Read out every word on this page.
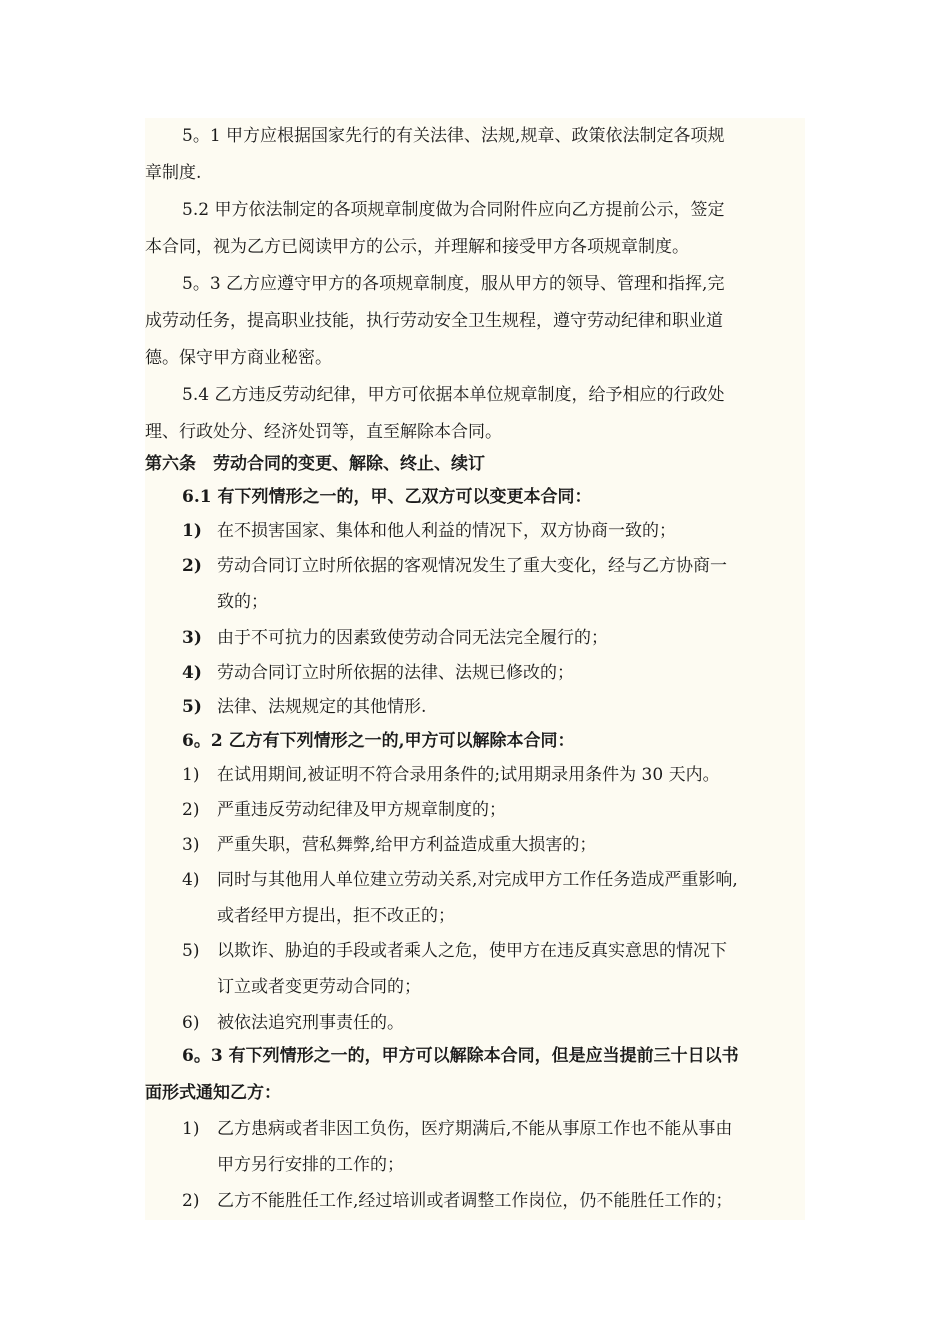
5。1 甲方应根据国家先行的有关法律、法规,规章、政策依法制定各项规
章制度.
5.2 甲方依法制定的各项规章制度做为合同附件应向乙方提前公示，签定
本合同，视为乙方已阅读甲方的公示，并理解和接受甲方各项规章制度。
5。3 乙方应遵守甲方的各项规章制度，服从甲方的领导、管理和指挥,完
成劳动任务，提高职业技能，执行劳动安全卫生规程，遵守劳动纪律和职业道
德。保守甲方商业秘密。
5.4 乙方违反劳动纪律，甲方可依据本单位规章制度，给予相应的行政处
理、行政处分、经济处罚等，直至解除本合同。
第六条　劳动合同的变更、解除、终止、续订
6.1 有下列情形之一的，甲、乙双方可以变更本合同：
1) 在不损害国家、集体和他人利益的情况下，双方协商一致的；
2) 劳动合同订立时所依据的客观情况发生了重大变化，经与乙方协商一
致的；
3) 由于不可抗力的因素致使劳动合同无法完全履行的；
4) 劳动合同订立时所依据的法律、法规已修改的；
5) 法律、法规规定的其他情形.
6。2 乙方有下列情形之一的,甲方可以解除本合同：
1)	在试用期间,被证明不符合录用条件的;试用期录用条件为 30 天内。
2)	严重违反劳动纪律及甲方规章制度的；
3)	严重失职，营私舞弊,给甲方利益造成重大损害的；
4)	同时与其他用人单位建立劳动关系,对完成甲方工作任务造成严重影响,
或者经甲方提出，拒不改正的；
5)	以欺诈、胁迫的手段或者乘人之危，使甲方在违反真实意思的情况下
订立或者变更劳动合同的；
6)	被依法追究刑事责任的。
6。3 有下列情形之一的，甲方可以解除本合同，但是应当提前三十日以书
面形式通知乙方：
1)	乙方患病或者非因工负伤，医疗期满后,不能从事原工作也不能从事由
甲方另行安排的工作的；
2)	乙方不能胜任工作,经过培训或者调整工作岗位，仍不能胜任工作的；
